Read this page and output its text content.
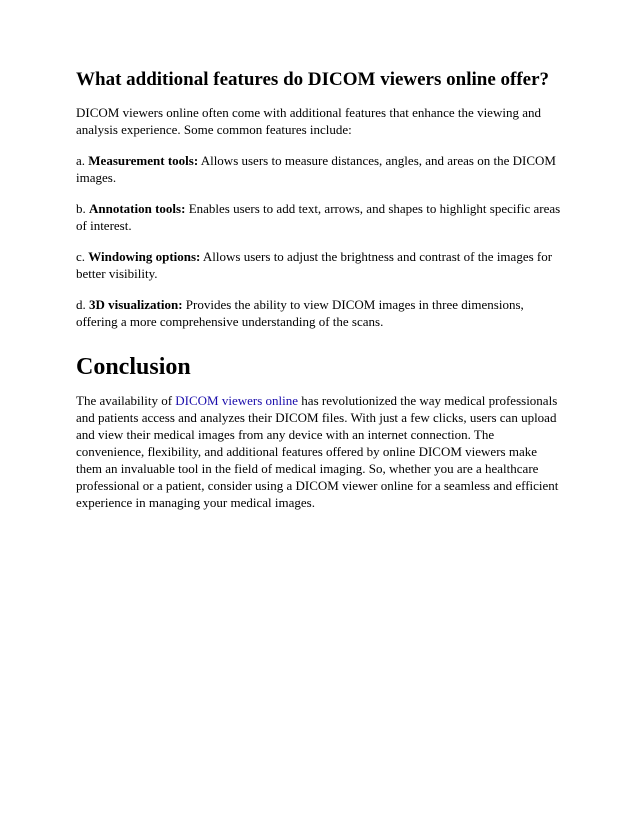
What additional features do DICOM viewers online offer?

DICOM viewers online often come with additional features that enhance the viewing and analysis experience. Some common features include:

a. Measurement tools: Allows users to measure distances, angles, and areas on the DICOM images.

b. Annotation tools: Enables users to add text, arrows, and shapes to highlight specific areas of interest.

c. Windowing options: Allows users to adjust the brightness and contrast of the images for better visibility.

d. 3D visualization: Provides the ability to view DICOM images in three dimensions, offering a more comprehensive understanding of the scans.

Conclusion

The availability of DICOM viewers online has revolutionized the way medical professionals and patients access and analyzes their DICOM files. With just a few clicks, users can upload and view their medical images from any device with an internet connection. The convenience, flexibility, and additional features offered by online DICOM viewers make them an invaluable tool in the field of medical imaging. So, whether you are a healthcare professional or a patient, consider using a DICOM viewer online for a seamless and efficient experience in managing your medical images.
